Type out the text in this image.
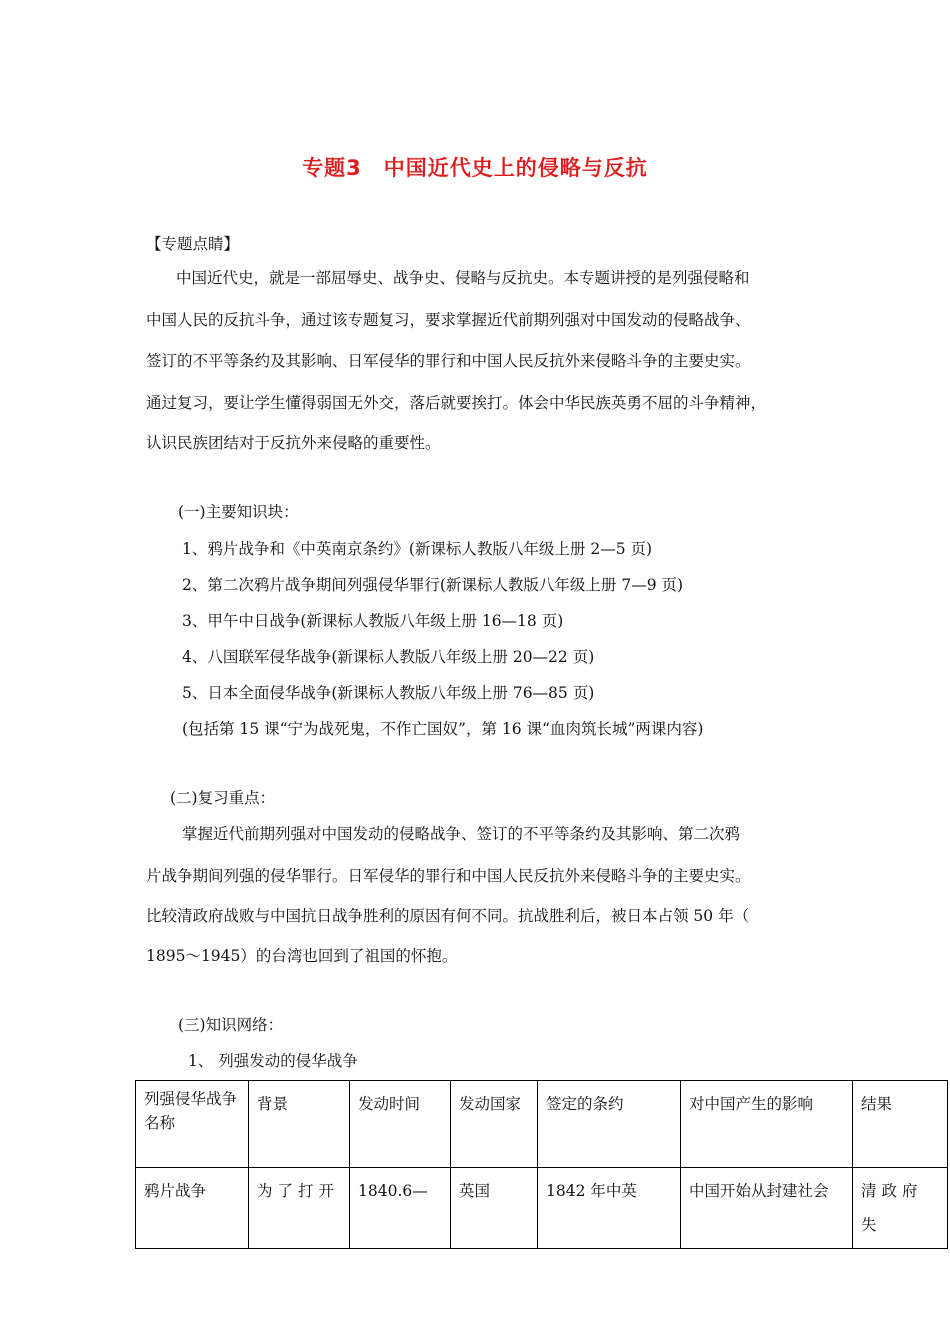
专题3　中国近代史上的侵略与反抗
【专题点睛】
中国近代史，就是一部屈辱史、战争史、侵略与反抗史。本专题讲授的是列强侵略和
中国人民的反抗斗争，通过该专题复习，要求掌握近代前期列强对中国发动的侵略战争、
签订的不平等条约及其影响、日军侵华的罪行和中国人民反抗外来侵略斗争的主要史实。
通过复习，要让学生懂得弱国无外交，落后就要挨打。体会中华民族英勇不屈的斗争精神，
认识民族团结对于反抗外来侵略的重要性。
(一)主要知识块：
1、鸦片战争和《中英南京条约》(新课标人教版八年级上册 2—5 页)
2、第二次鸦片战争期间列强侵华罪行(新课标人教版八年级上册 7—9 页)
3、甲午中日战争(新课标人教版八年级上册 16—18 页)
4、八国联军侵华战争(新课标人教版八年级上册 20—22 页)
5、日本全面侵华战争(新课标人教版八年级上册 76—85 页)
(包括第 15 课“宁为战死鬼，不作亡国奴”，第 16 课“血肉筑长城”两课内容)
(二)复习重点：
掌握近代前期列强对中国发动的侵略战争、签订的不平等条约及其影响、第二次鸦
片战争期间列强的侵华罪行。日军侵华的罪行和中国人民反抗外来侵略斗争的主要史实。
比较清政府战败与中国抗日战争胜利的原因有何不同。抗战胜利后，被日本占领 50 年（
1895～1945）的台湾也回到了祖国的怀抱。
(三)知识网络：
1、 列强发动的侵华战争
列强侵华战争名称	背景	发动时间	发动国家	签定的条约	对中国产生的影响	结果
鸦片战争	为了打开	1840.6—	英国	1842 年中英	中国开始从封建社会	清政府失
